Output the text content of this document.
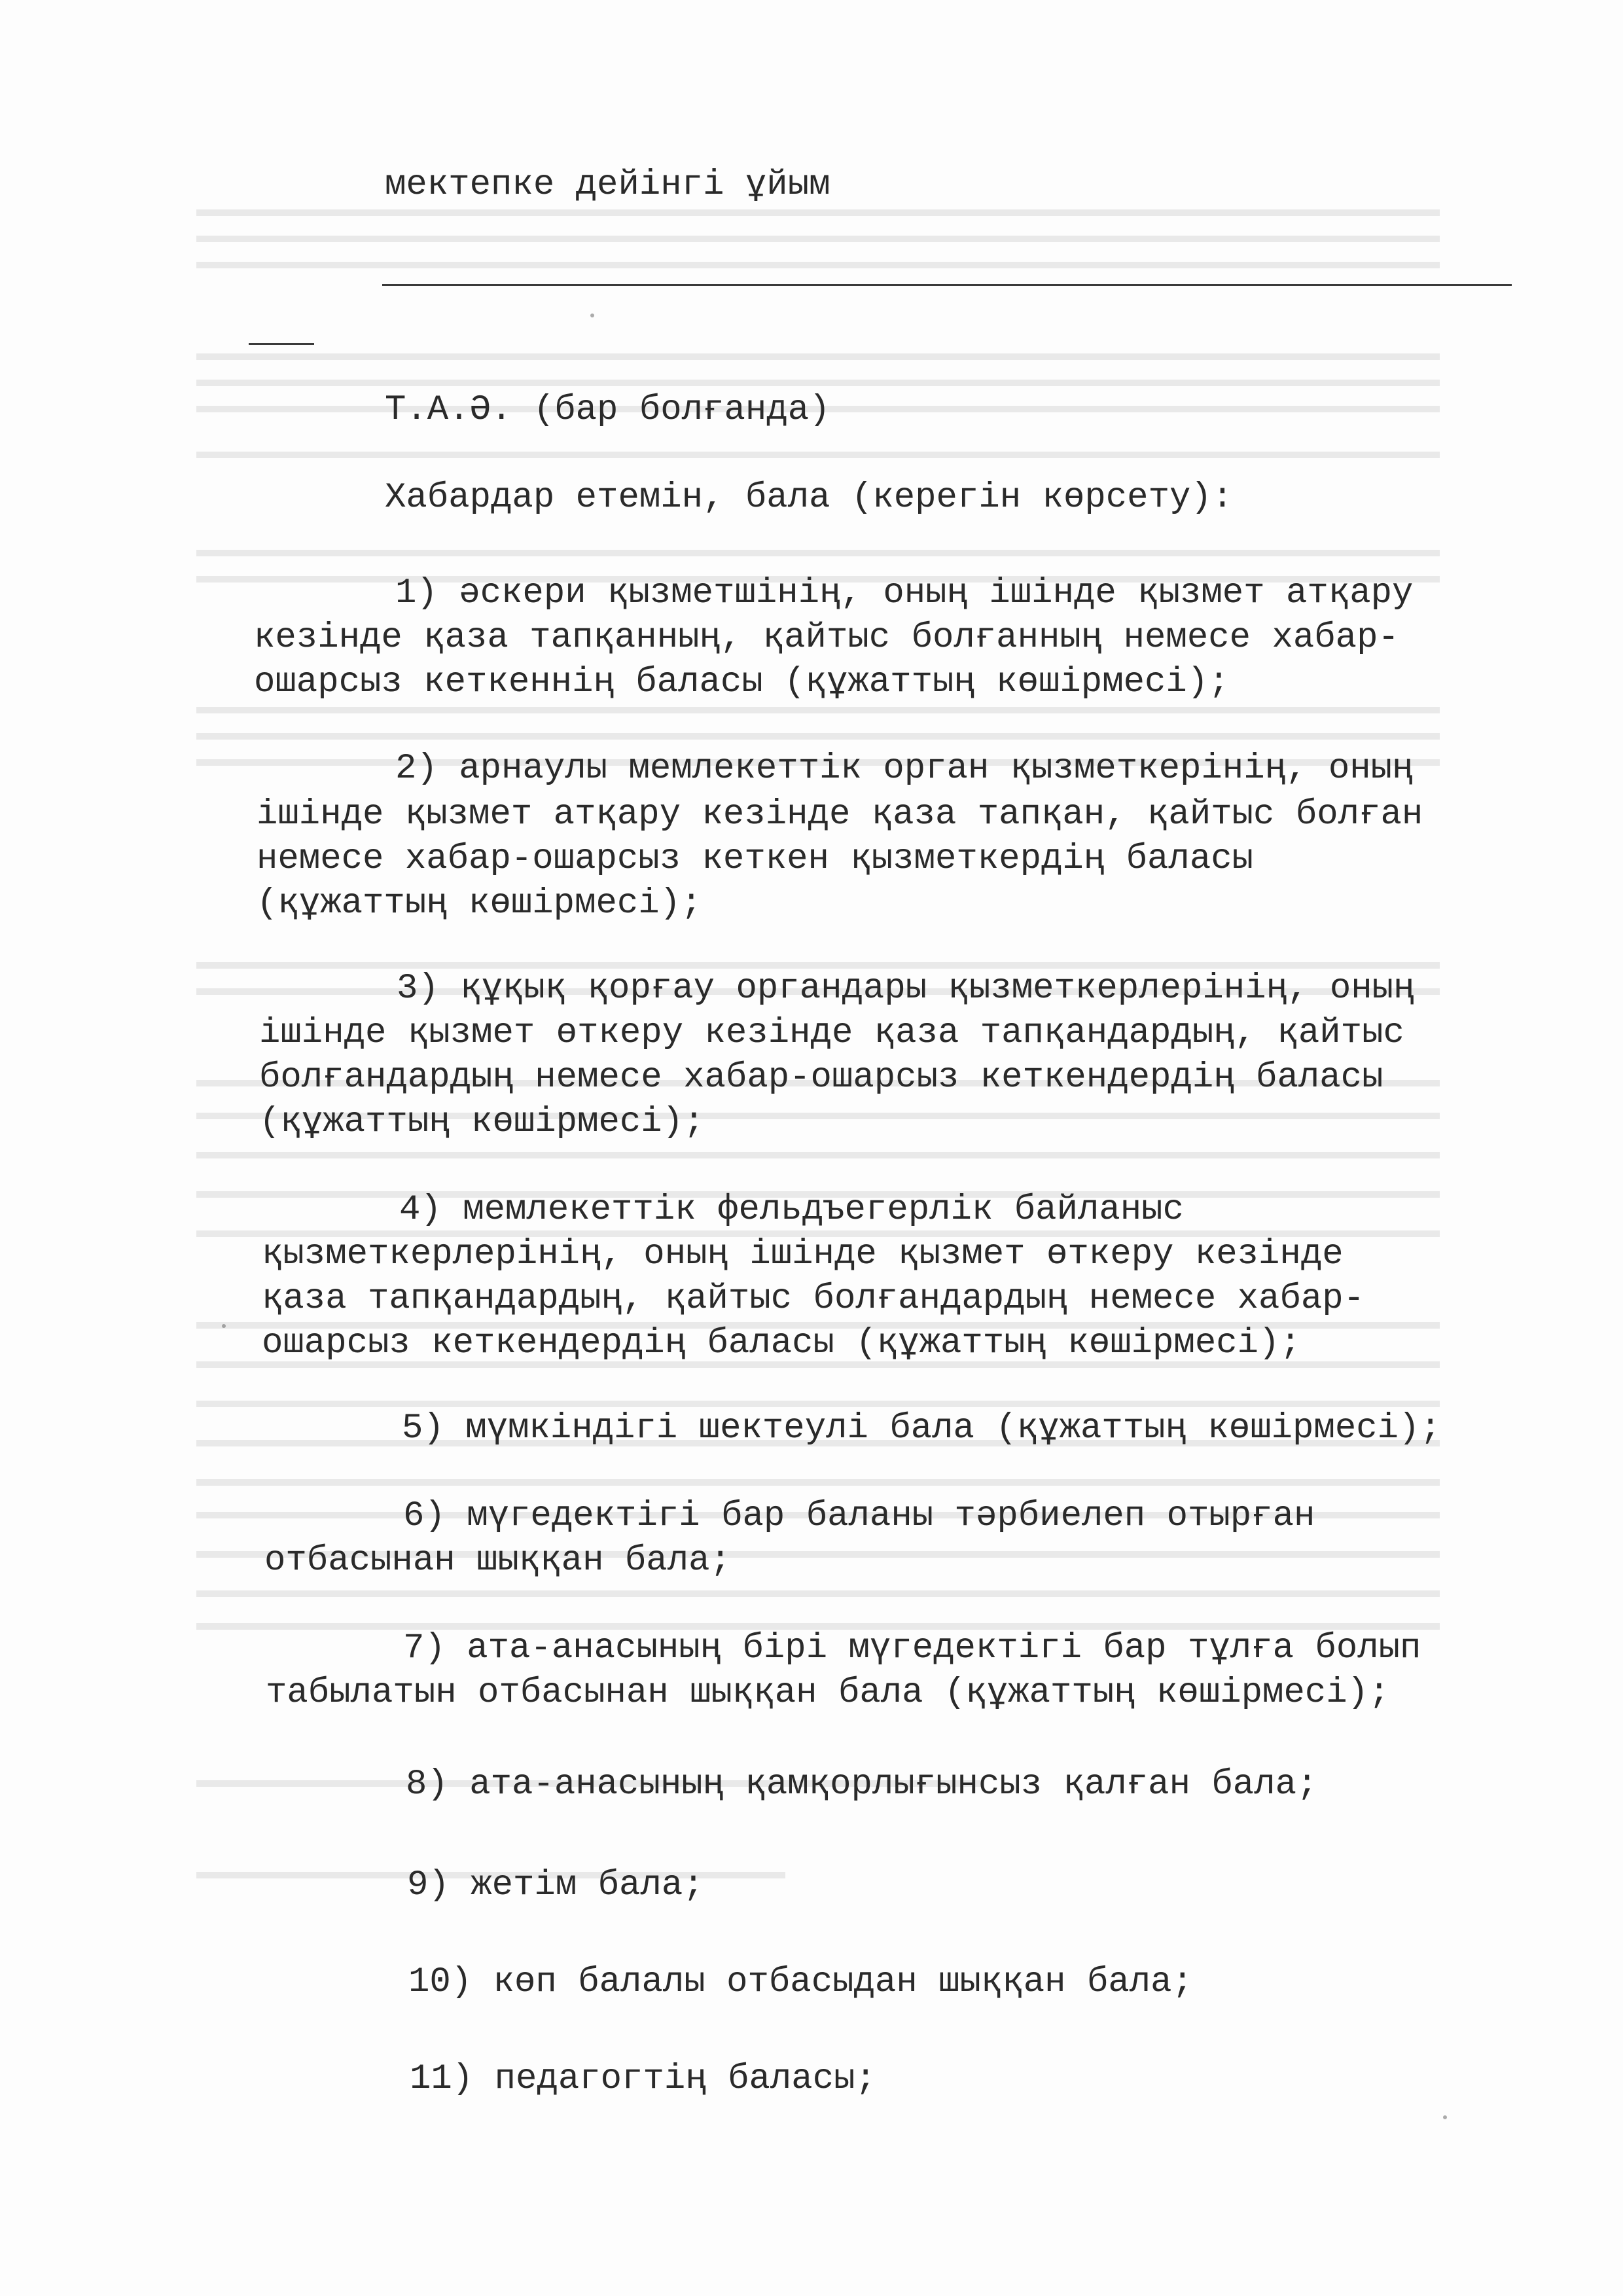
мектепке дейінгі ұйым
Т.А.Ә. (бар болғанда)
Хабардар етемін, бала (керегін көрсету):
1) әскери қызметшінің, оның ішінде қызмет атқару
кезінде қаза тапқанның, қайтыс болғанның немесе хабар-
ошарсыз кеткеннің баласы (құжаттың көшірмесі);
2) арнаулы мемлекеттік орган қызметкерінің, оның
ішінде қызмет атқару кезінде қаза тапқан, қайтыс болған
немесе хабар-ошарсыз кеткен қызметкердің баласы
(құжаттың көшірмесі);
3) құқық қорғау органдары қызметкерлерінің, оның
ішінде қызмет өткеру кезінде қаза тапқандардың, қайтыс
болғандардың немесе хабар-ошарсыз кеткендердің баласы
(құжаттың көшірмесі);
4) мемлекеттік фельдъегерлік байланыс
қызметкерлерінің, оның ішінде қызмет өткеру кезінде
қаза тапқандардың, қайтыс болғандардың немесе хабар-
ошарсыз кеткендердің баласы (құжаттың көшірмесі);
5) мүмкіндігі шектеулі бала (құжаттың көшірмесі);
6) мүгедектігі бар баланы тәрбиелеп отырған
отбасынан шыққан бала;
7) ата-анасының бірі мүгедектігі бар тұлға болып
табылатын отбасынан шыққан бала (құжаттың көшірмесі);
8) ата-анасының қамқорлығынсыз қалған бала;
9) жетім бала;
10) көп балалы отбасыдан шыққан бала;
11) педагогтің баласы;
